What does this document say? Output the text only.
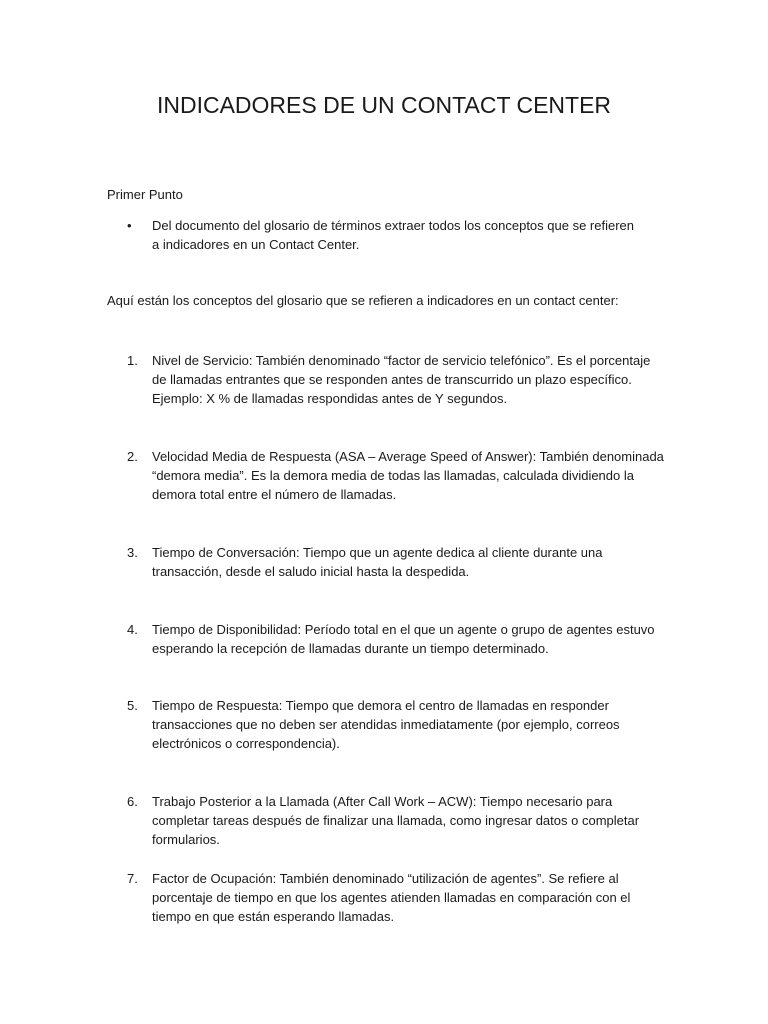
INDICADORES DE UN CONTACT CENTER

Primer Punto

• Del documento del glosario de términos extraer todos los conceptos que se refieren a indicadores en un Contact Center.

Aquí están los conceptos del glosario que se refieren a indicadores en un contact center:

1. Nivel de Servicio: También denominado “factor de servicio telefónico”. Es el porcentaje de llamadas entrantes que se responden antes de transcurrido un plazo específico. Ejemplo: X % de llamadas respondidas antes de Y segundos.
2. Velocidad Media de Respuesta (ASA – Average Speed of Answer): También denominada “demora media”. Es la demora media de todas las llamadas, calculada dividiendo la demora total entre el número de llamadas.
3. Tiempo de Conversación: Tiempo que un agente dedica al cliente durante una transacción, desde el saludo inicial hasta la despedida.
4. Tiempo de Disponibilidad: Período total en el que un agente o grupo de agentes estuvo esperando la recepción de llamadas durante un tiempo determinado.
5. Tiempo de Respuesta: Tiempo que demora el centro de llamadas en responder transacciones que no deben ser atendidas inmediatamente (por ejemplo, correos electrónicos o correspondencia).
6. Trabajo Posterior a la Llamada (After Call Work – ACW): Tiempo necesario para completar tareas después de finalizar una llamada, como ingresar datos o completar formularios.
7. Factor de Ocupación: También denominado “utilización de agentes”. Se refiere al porcentaje de tiempo en que los agentes atienden llamadas en comparación con el tiempo en que están esperando llamadas.
